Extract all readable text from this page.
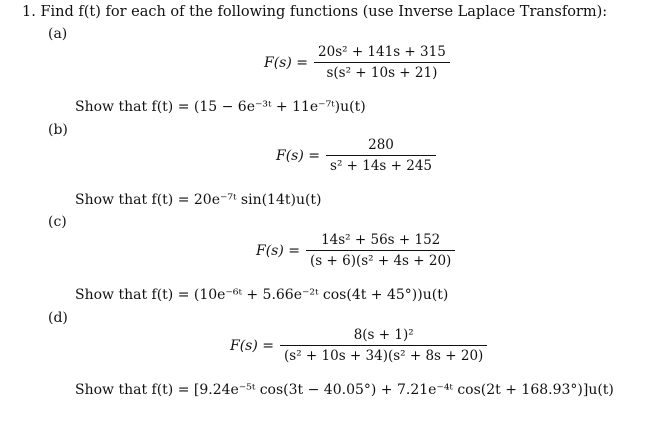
1. Find f(t) for each of the following functions (use Inverse Laplace Transform):
(a)
$F(s) = \frac{\text{20s² + 141s + 315}}{\text{s(s² + 10s + 21)}}$
Show that f(t) = (15 − 6e⁻³ᵗ + 11e⁻⁷ᵗ)u(t)
(b)
$F(s) = \frac{280}{\text{s² + 14s + 245}}$
Show that f(t) = 20e⁻⁷ᵗ sin(14t)u(t)
(c)
$F(s) = \frac{\text{14s² + 56s + 152}}{\text{(s + 6)(s² + 4s + 20)}}$
Show that f(t) = (10e⁻⁶ᵗ + 5.66e⁻²ᵗ cos(4t + 45°))u(t)
(d)
$F(s) = \frac{\text{8(s + 1)²}}{\text{(s² + 10s + 34)(s² + 8s + 20)}}$
Show that f(t) = [9.24e⁻⁵ᵗ cos(3t − 40.05°) + 7.21e⁻⁴ᵗ cos(2t + 168.93°)]u(t)
